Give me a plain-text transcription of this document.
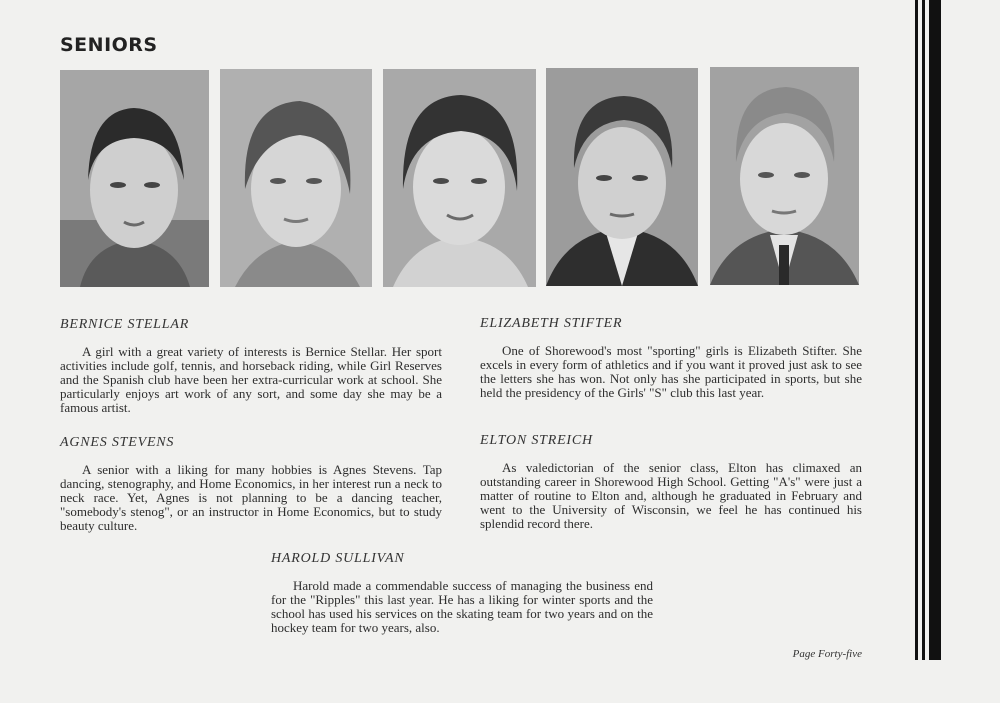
SENIORS
BERNICE STELLAR

A girl with a great variety of interests is Bernice Stellar. Her sport activities include golf, tennis, and horseback riding, while Girl Reserves and the Spanish club have been her extra-curricular work at school. She particularly enjoys art work of any sort, and some day she may be a famous artist.

ELIZABETH STIFTER

One of Shorewood's most "sporting" girls is Elizabeth Stifter. She excels in every form of athletics and if you want it proved just ask to see the letters she has won. Not only has she participated in sports, but she held the presidency of the Girls' "S" club this last year.

AGNES STEVENS

A senior with a liking for many hobbies is Agnes Stevens. Tap dancing, stenography, and Home Economics, in her interest run a neck to neck race. Yet, Agnes is not planning to be a dancing teacher, "somebody's stenog", or an instructor in Home Economics, but to study beauty culture.

ELTON STREICH

As valedictorian of the senior class, Elton has climaxed an outstanding career in Shorewood High School. Getting "A's" were just a matter of routine to Elton and, although he graduated in February and went to the University of Wisconsin, we feel he has continued his splendid record there.

HAROLD SULLIVAN

Harold made a commendable success of managing the business end for the "Ripples" this last year. He has a liking for winter sports and the school has used his services on the skating team for two years and on the hockey team for two years, also.

Page Forty-five
